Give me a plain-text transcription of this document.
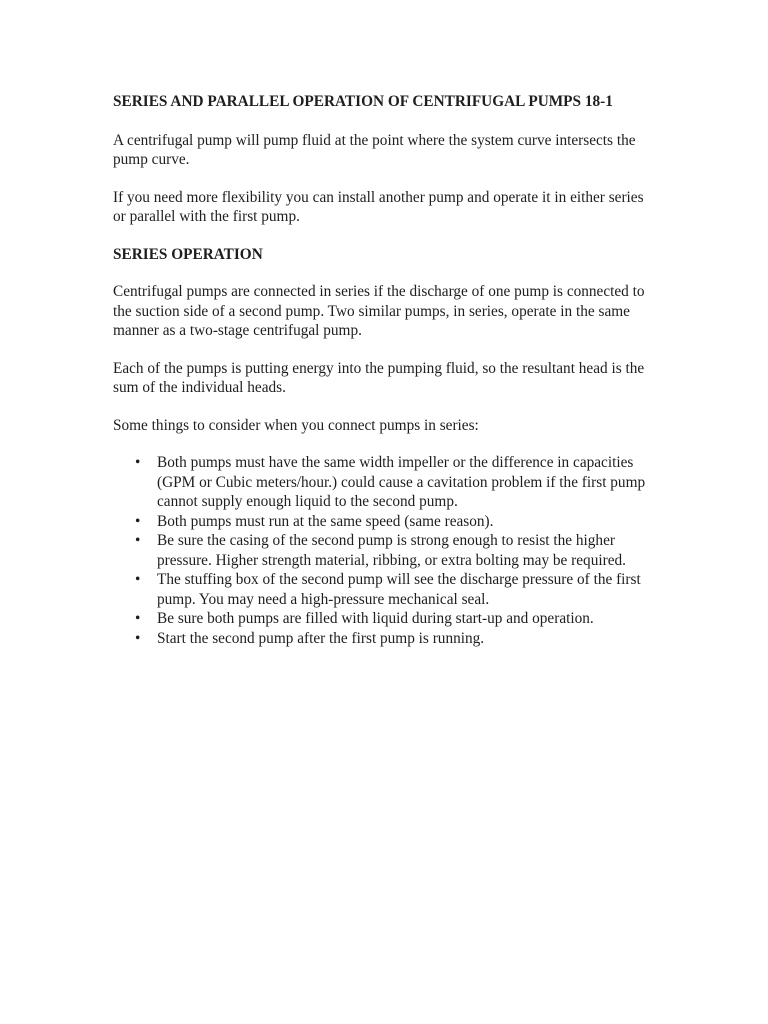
SERIES AND PARALLEL OPERATION OF CENTRIFUGAL PUMPS 18-1

A centrifugal pump will pump fluid at the point where the system curve intersects the pump curve.

If you need more flexibility you can install another pump and operate it in either series or parallel with the first pump.

SERIES OPERATION

Centrifugal pumps are connected in series if the discharge of one pump is connected to the suction side of a second pump. Two similar pumps, in series, operate in the same manner as a two-stage centrifugal pump.

Each of the pumps is putting energy into the pumping fluid, so the resultant head is the sum of the individual heads.

Some things to consider when you connect pumps in series:

• Both pumps must have the same width impeller or the difference in capacities (GPM or Cubic meters/hour.) could cause a cavitation problem if the first pump cannot supply enough liquid to the second pump.
• Both pumps must run at the same speed (same reason).
• Be sure the casing of the second pump is strong enough to resist the higher pressure. Higher strength material, ribbing, or extra bolting may be required.
• The stuffing box of the second pump will see the discharge pressure of the first pump. You may need a high-pressure mechanical seal.
• Be sure both pumps are filled with liquid during start-up and operation.
• Start the second pump after the first pump is running.
